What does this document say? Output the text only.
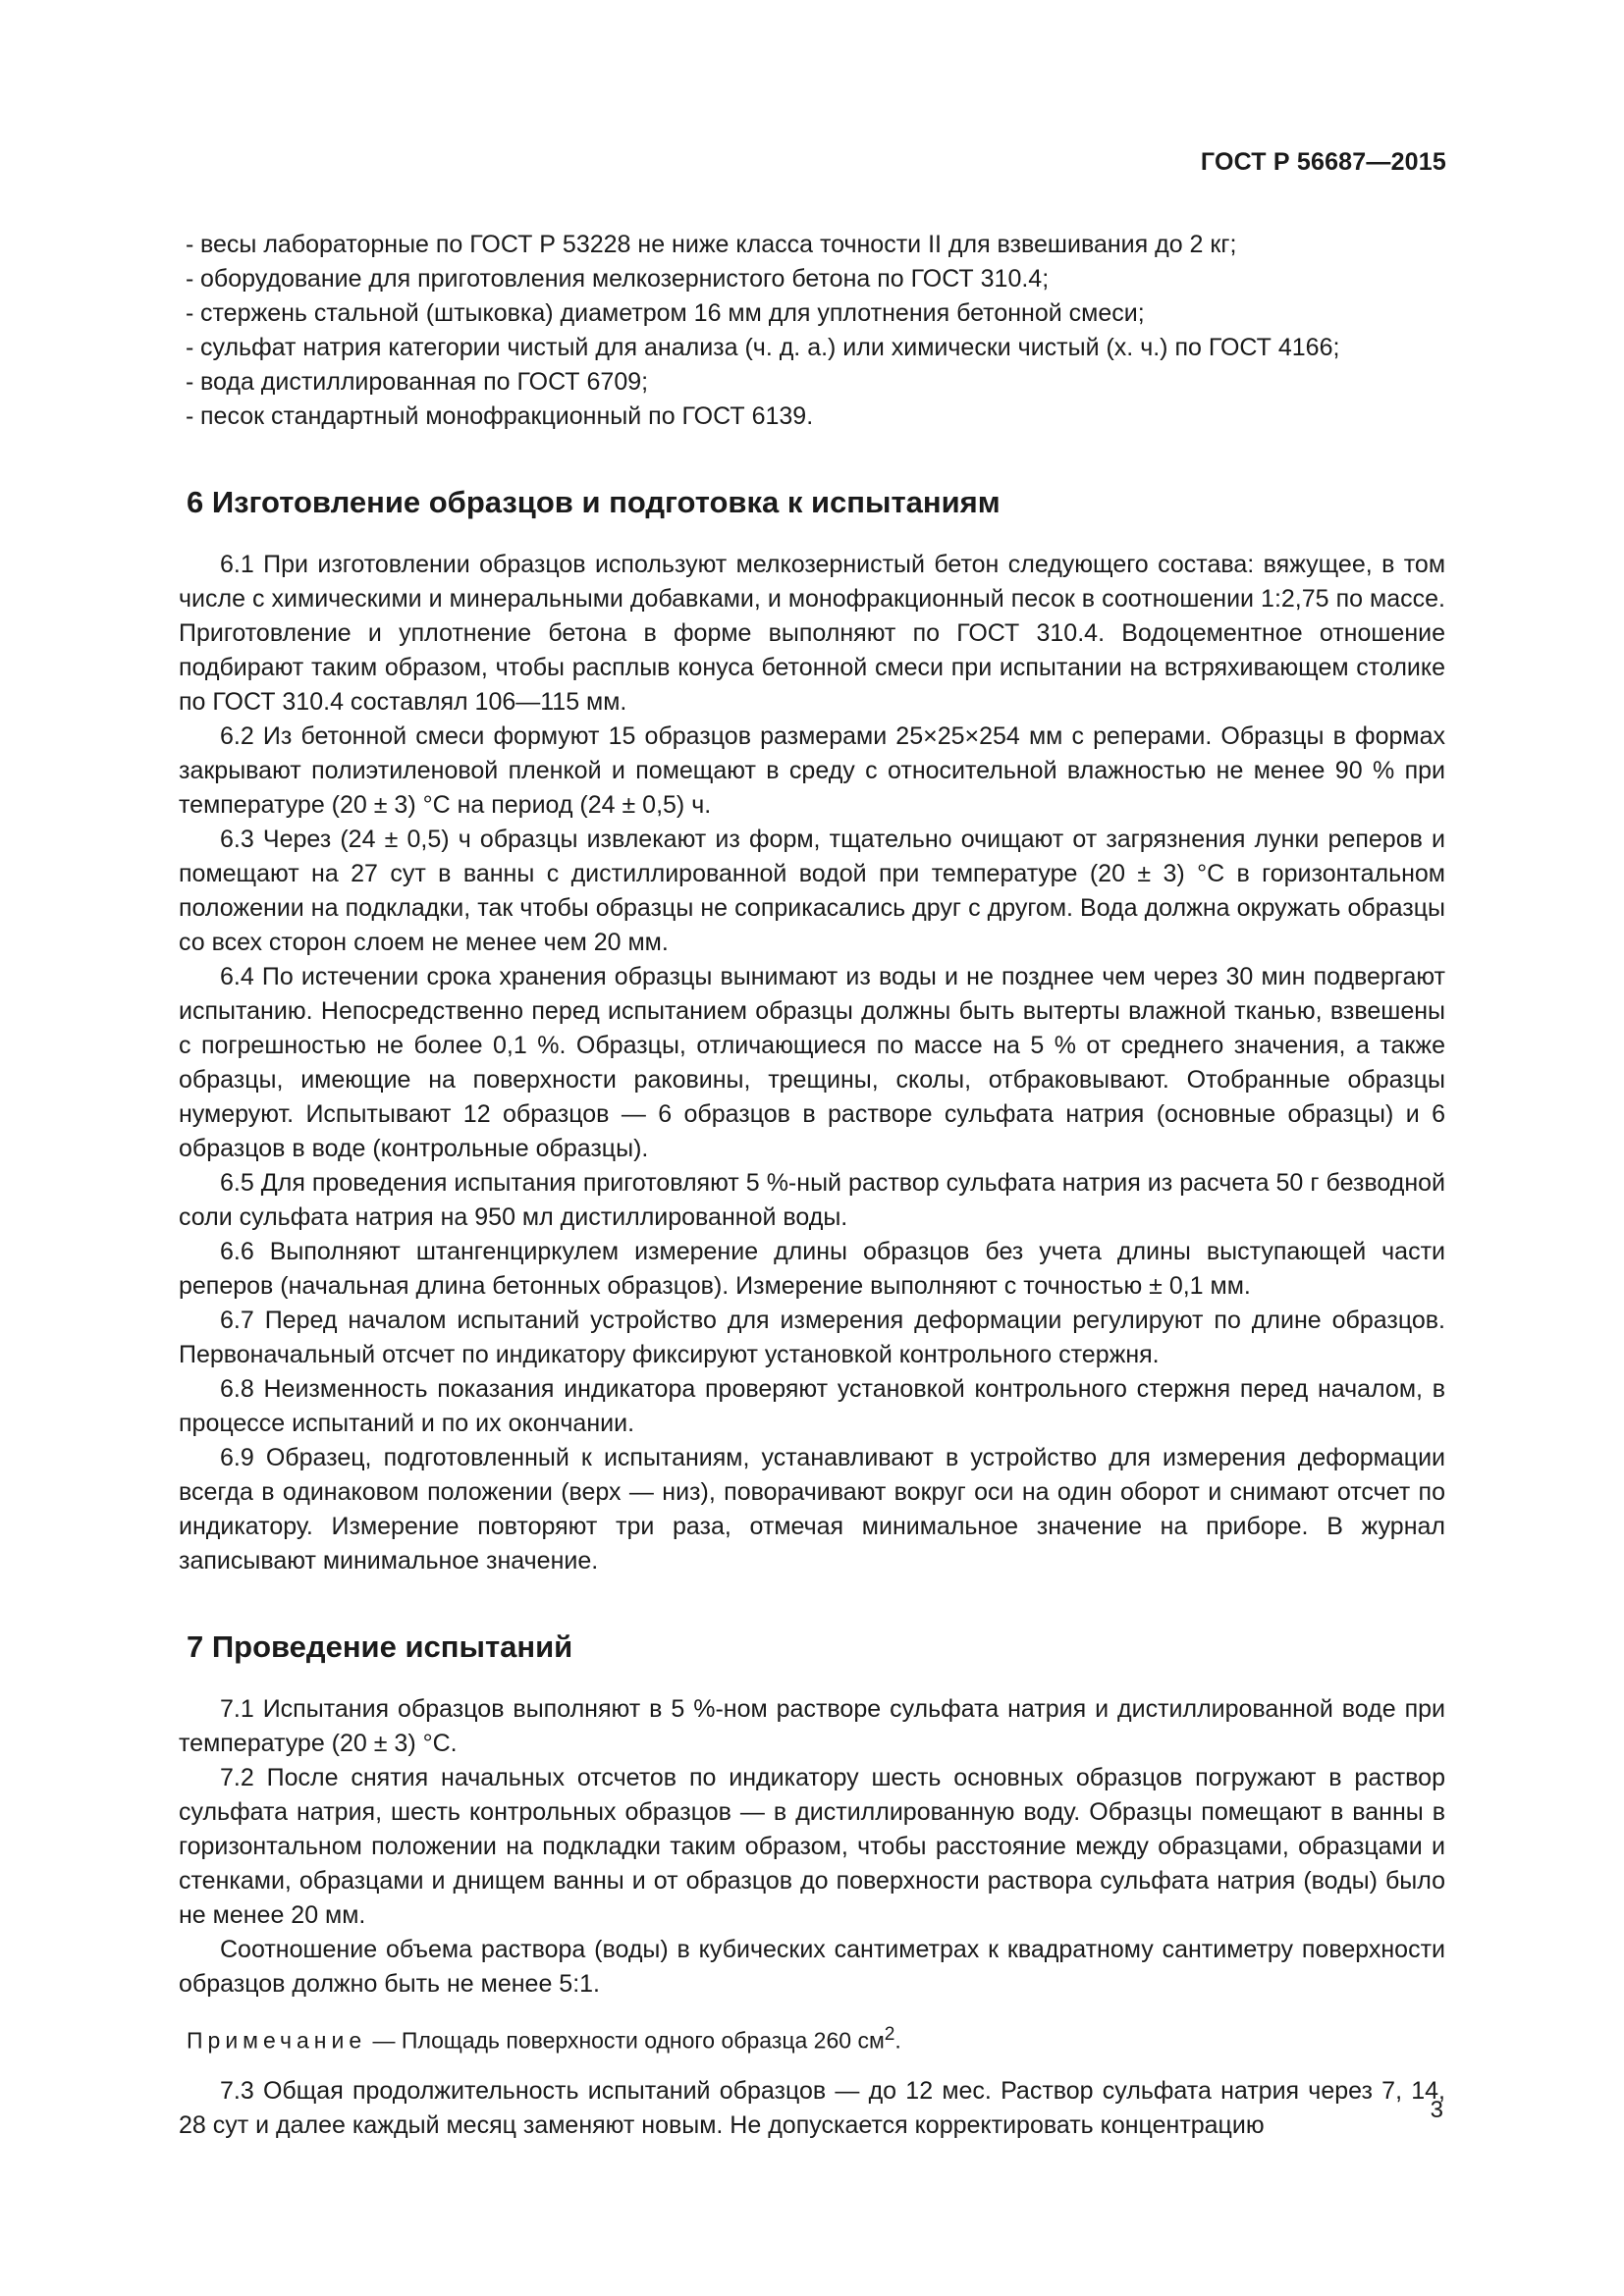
ГОСТ Р 56687—2015
- весы лабораторные по ГОСТ Р 53228 не ниже класса точности II для взвешивания до 2 кг;
- оборудование для приготовления мелкозернистого бетона по ГОСТ 310.4;
- стержень стальной (штыковка) диаметром 16 мм для уплотнения бетонной смеси;
- сульфат натрия категории чистый для анализа (ч. д. а.) или химически чистый (х. ч.) по ГОСТ 4166;
- вода дистиллированная по ГОСТ 6709;
- песок стандартный монофракционный по ГОСТ 6139.
6 Изготовление образцов и подготовка к испытаниям

6.1 При изготовлении образцов используют мелкозернистый бетон следующего состава: вяжущее, в том числе с химическими и минеральными добавками, и монофракционный песок в соотношении 1:2,75 по массе. Приготовление и уплотнение бетона в форме выполняют по ГОСТ 310.4. Водоцементное отношение подбирают таким образом, чтобы расплыв конуса бетонной смеси при испытании на встряхивающем столике по ГОСТ 310.4 составлял 106—115 мм.

6.2 Из бетонной смеси формуют 15 образцов размерами 25×25×254 мм с реперами. Образцы в формах закрывают полиэтиленовой пленкой и помещают в среду с относительной влажностью не менее 90 % при температуре (20 ± 3) °С на период (24 ± 0,5) ч.

6.3 Через (24 ± 0,5) ч образцы извлекают из форм, тщательно очищают от загрязнения лунки реперов и помещают на 27 сут в ванны с дистиллированной водой при температуре (20 ± 3) °С в горизонтальном положении на подкладки, так чтобы образцы не соприкасались друг с другом. Вода должна окружать образцы со всех сторон слоем не менее чем 20 мм.

6.4 По истечении срока хранения образцы вынимают из воды и не позднее чем через 30 мин подвергают испытанию. Непосредственно перед испытанием образцы должны быть вытерты влажной тканью, взвешены с погрешностью не более 0,1 %. Образцы, отличающиеся по массе на 5 % от среднего значения, а также образцы, имеющие на поверхности раковины, трещины, сколы, отбраковывают. Отобранные образцы нумеруют. Испытывают 12 образцов — 6 образцов в растворе сульфата натрия (основные образцы) и 6 образцов в воде (контрольные образцы).

6.5 Для проведения испытания приготовляют 5 %-ный раствор сульфата натрия из расчета 50 г безводной соли сульфата натрия на 950 мл дистиллированной воды.

6.6 Выполняют штангенциркулем измерение длины образцов без учета длины выступающей части реперов (начальная длина бетонных образцов). Измерение выполняют с точностью ± 0,1 мм.

6.7 Перед началом испытаний устройство для измерения деформации регулируют по длине образцов. Первоначальный отсчет по индикатору фиксируют установкой контрольного стержня.

6.8 Неизменность показания индикатора проверяют установкой контрольного стержня перед началом, в процессе испытаний и по их окончании.

6.9 Образец, подготовленный к испытаниям, устанавливают в устройство для измерения деформации всегда в одинаковом положении (верх — низ), поворачивают вокруг оси на один оборот и снимают отсчет по индикатору. Измерение повторяют три раза, отмечая минимальное значение на приборе. В журнал записывают минимальное значение.

7 Проведение испытаний

7.1 Испытания образцов выполняют в 5 %-ном растворе сульфата натрия и дистиллированной воде при температуре (20 ± 3) °С.

7.2 После снятия начальных отсчетов по индикатору шесть основных образцов погружают в раствор сульфата натрия, шесть контрольных образцов — в дистиллированную воду. Образцы помещают в ванны в горизонтальном положении на подкладки таким образом, чтобы расстояние между образцами, образцами и стенками, образцами и днищем ванны и от образцов до поверхности раствора сульфата натрия (воды) было не менее 20 мм.

Соотношение объема раствора (воды) в кубических сантиметрах к квадратному сантиметру поверхности образцов должно быть не менее 5:1.

Примечание — Площадь поверхности одного образца 260 $см^2$.

7.3 Общая продолжительность испытаний образцов — до 12 мес. Раствор сульфата натрия через 7, 14, 28 сут и далее каждый месяц заменяют новым. Не допускается корректировать концентрацию

3
